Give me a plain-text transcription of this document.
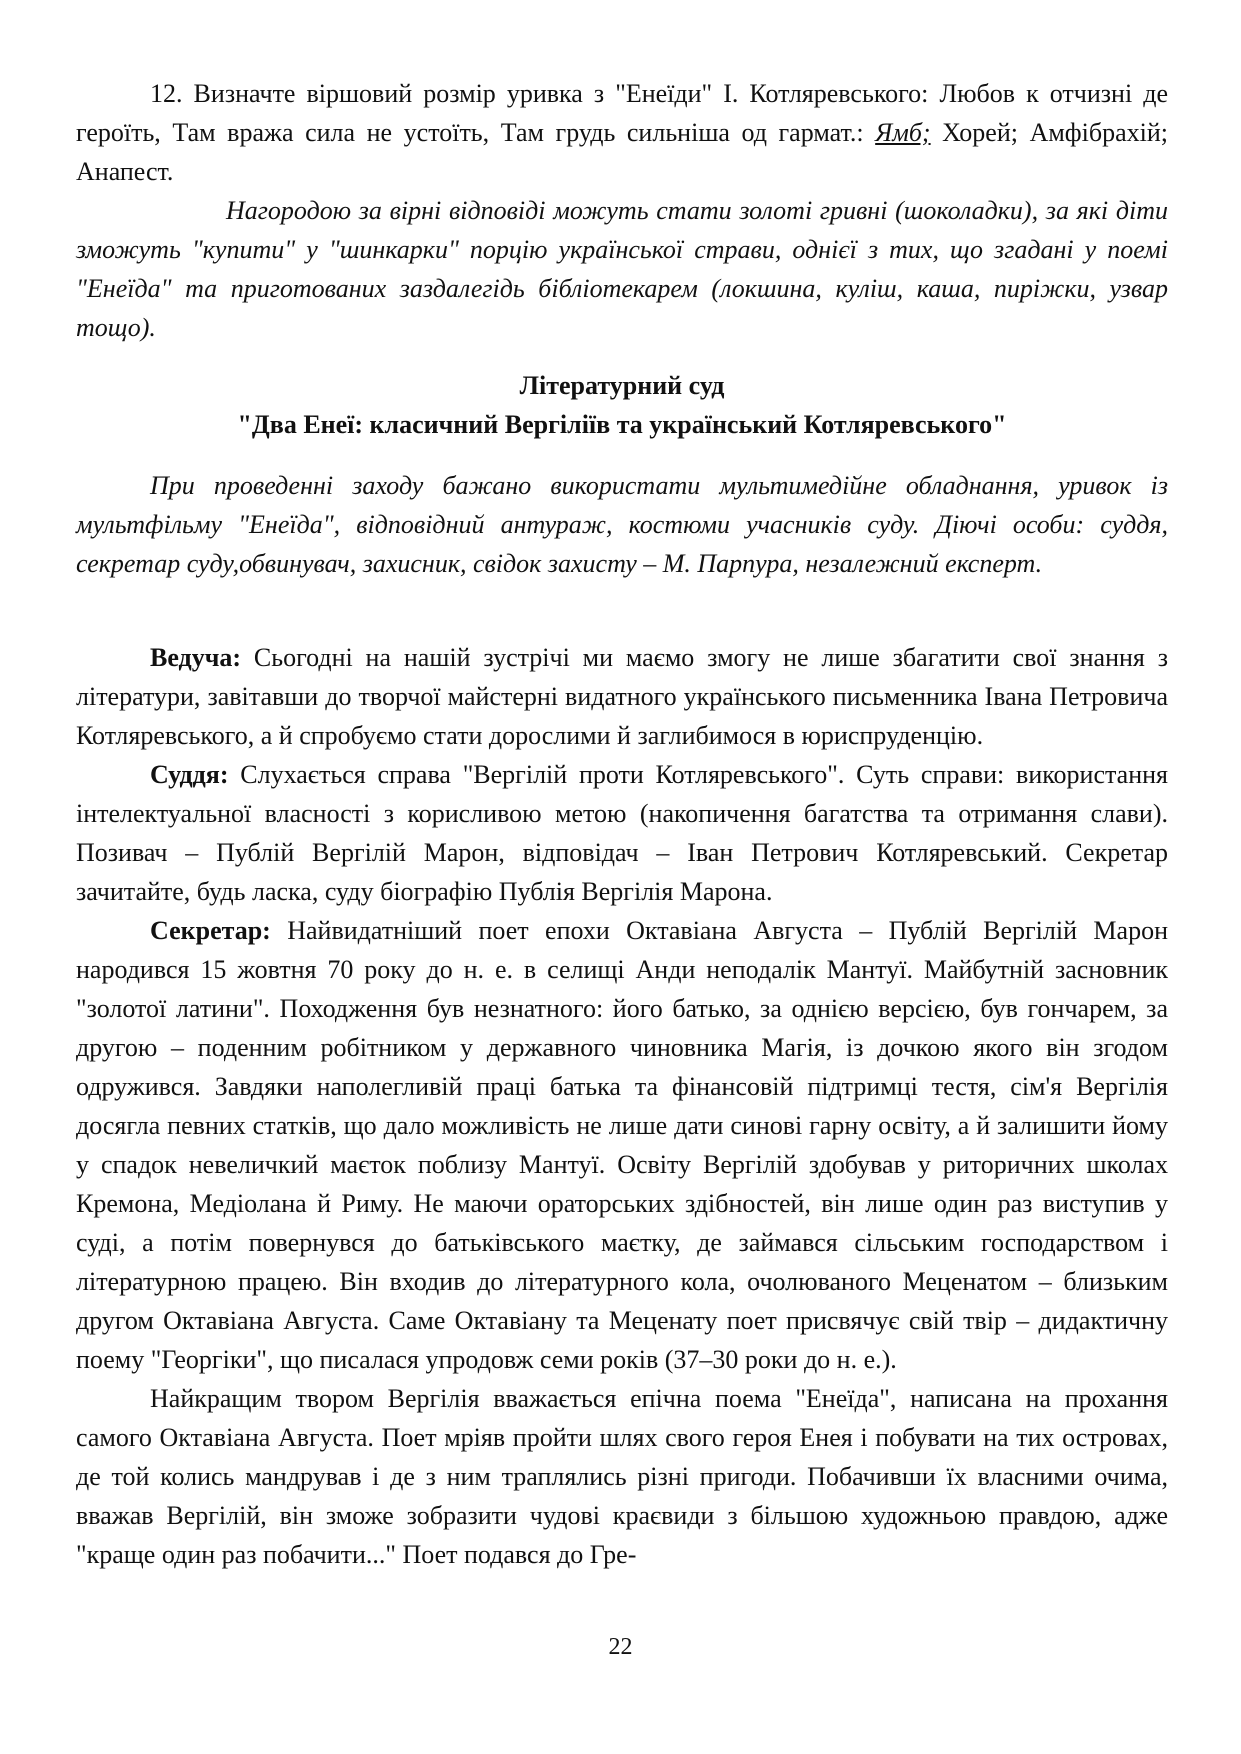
12. Визначте віршовий розмір уривка з "Енеїди" І. Котляревського: Любов к отчизні де героїть, Там вража сила не устоїть, Там грудь сильніша од гармат.: Ямб; Хорей; Амфібрахій; Анапест.

Нагородою за вірні відповіді можуть стати золоті гривні (шоколадки), за які діти зможуть "купити" у "шинкарки" порцію української страви, однієї з тих, що згадані у поемі "Енеїда" та приготованих заздалегідь бібліотекарем (локшина, куліш, каша, пиріжки, узвар тощо).

Літературний суд
"Два Енеї: класичний Вергіліїв та український Котляревського"

При проведенні заходу бажано використати мультимедійне обладнання, уривок із мультфільму "Енеїда", відповідний антураж, костюми учасників суду. Діючі особи: суддя, секретар суду,обвинувач, захисник, свідок захисту – М. Парпура, незалежний експерт.

Ведуча: Сьогодні на нашій зустрічі ми маємо змогу не лише збагатити свої знання з літератури, завітавши до творчої майстерні видатного українського письменника Івана Петровича Котляревського, а й спробуємо стати дорослими й заглибимося в юриспруденцію.

Суддя: Слухається справа "Вергілій проти Котляревського". Суть справи: використання інтелектуальної власності з корисливою метою (накопичення багатства та отримання слави). Позивач – Публій Вергілій Марон, відповідач – Іван Петрович Котляревський. Секретар зачитайте, будь ласка, суду біографію Публія Вергілія Марона.

Секретар: Найвидатніший поет епохи Октавіана Августа – Публій Вергілій Марон народився 15 жовтня 70 року до н. е. в селищі Анди неподалік Мантуї. Майбутній засновник "золотої латини". Походження був незнатного: його батько, за однією версією, був гончарем, за другою – поденним робітником у державного чиновника Магія, із дочкою якого він згодом одружився. Завдяки наполегливій праці батька та фінансовій підтримці тестя, сім'я Вергілія досягла певних статків, що дало можливість не лише дати синові гарну освіту, а й залишити йому у спадок невеличкий маєток поблизу Мантуї. Освіту Вергілій здобував у риторичних школах Кремона, Медіолана й Риму. Не маючи ораторських здібностей, він лише один раз виступив у суді, а потім повернувся до батьківського маєтку, де займався сільським господарством і літературною працею. Він входив до літературного кола, очолюваного Меценатом – близьким другом Октавіана Августа. Саме Октавіану та Меценату поет присвячує свій твір – дидактичну поему "Георгіки", що писалася упродовж семи років (37–30 роки до н. е.).

Найкращим твором Вергілія вважається епічна поема "Енеїда", написана на прохання самого Октавіана Августа. Поет мріяв пройти шлях свого героя Енея і побувати на тих островах, де той колись мандрував і де з ним траплялись різні пригоди. Побачивши їх власними очима, вважав Вергілій, він зможе зобразити чудові краєвиди з більшою художньою правдою, адже "краще один раз побачити..." Поет подався до Гре-

22
